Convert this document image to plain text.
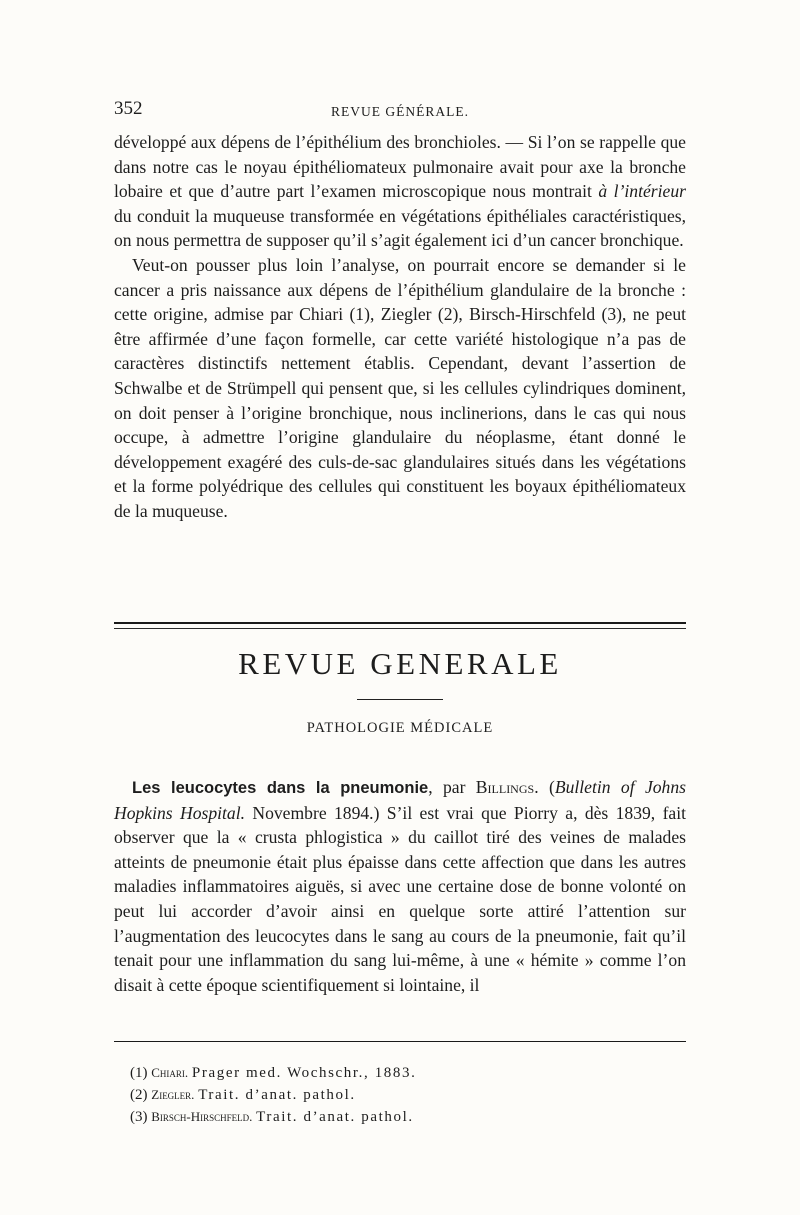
352	REVUE GÉNÉRALE.

développé aux dépens de l’épithélium des bronchioles. — Si l’on se rappelle que dans notre cas le noyau épithéliomateux pulmonaire avait pour axe la bronche lobaire et que d’autre part l’examen microscopique nous montrait à l’intérieur du conduit la muqueuse transformée en végétations épithéliales caractéristiques, on nous permettra de supposer qu’il s’agit également ici d’un cancer bronchique.

Veut-on pousser plus loin l’analyse, on pourrait encore se demander si le cancer a pris naissance aux dépens de l’épithélium glandulaire de la bronche : cette origine, admise par Chiari (1), Ziegler (2), Birsch-Hirschfeld (3), ne peut être affirmée d’une façon formelle, car cette variété histologique n’a pas de caractères distinctifs nettement établis. Cependant, devant l’assertion de Schwalbe et de Strümpell qui pensent que, si les cellules cylindriques dominent, on doit penser à l’origine bronchique, nous inclinerions, dans le cas qui nous occupe, à admettre l’origine glandulaire du néoplasme, étant donné le développement exagéré des culs-de-sac glandulaires situés dans les végétations et la forme polyédrique des cellules qui constituent les boyaux épithéliomateux de la muqueuse.

REVUE GENERALE
PATHOLOGIE MÉDICALE

Les leucocytes dans la pneumonie, par Billings. (Bulletin of Johns Hopkins Hospital. Novembre 1894.) S’il est vrai que Piorry a, dès 1839, fait observer que la « crusta phlogistica » du caillot tiré des veines de malades atteints de pneumonie était plus épaisse dans cette affection que dans les autres maladies inflammatoires aiguës, si avec une certaine dose de bonne volonté on peut lui accorder d’avoir ainsi en quelque sorte attiré l’attention sur l’augmentation des leucocytes dans le sang au cours de la pneumonie, fait qu’il tenait pour une inflammation du sang lui-même, à une « hémite » comme l’on disait à cette époque scientifiquement si lointaine, il

(1) Chiari. Prager med. Wochschr., 1883.
(2) Ziegler. Trait. d’anat. pathol.
(3) Birsch-Hirschfeld. Trait. d’anat. pathol.
